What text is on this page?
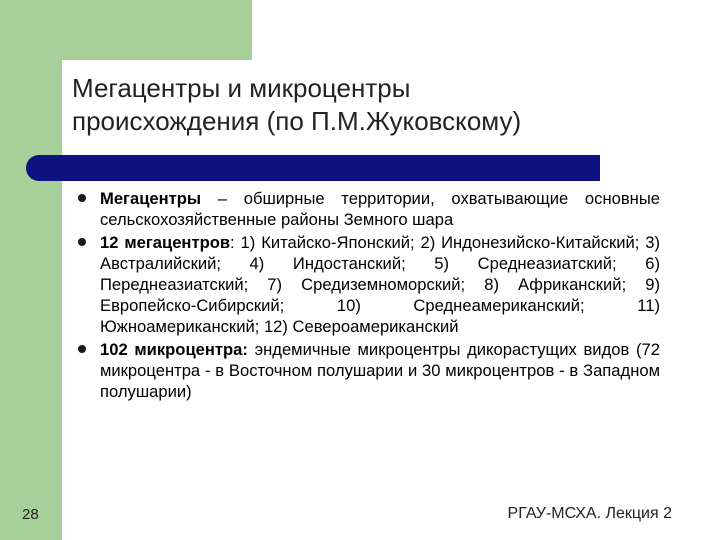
Мегацентры и микроцентры
происхождения (по П.М.Жуковскому)
Мегацентры – обширные территории, охватывающие основные сельскохозяйственные районы Земного шара
12 мегацентров: 1) Китайско-Японский; 2) Индонезийско-Китайский; 3) Австралийский; 4) Индостанский; 5) Среднеазиатский; 6) Переднеазиатский; 7) Средиземноморский; 8) Африканский; 9) Европейско-Сибирский; 10) Среднеамериканский; 11) Южноамериканский; 12) Североамериканский
102 микроцентра: эндемичные микроцентры дикорастущих видов (72 микроцентра - в Восточном полушарии и 30 микроцентров - в Западном полушарии)
28	РГАУ-МСХА. Лекция 2
